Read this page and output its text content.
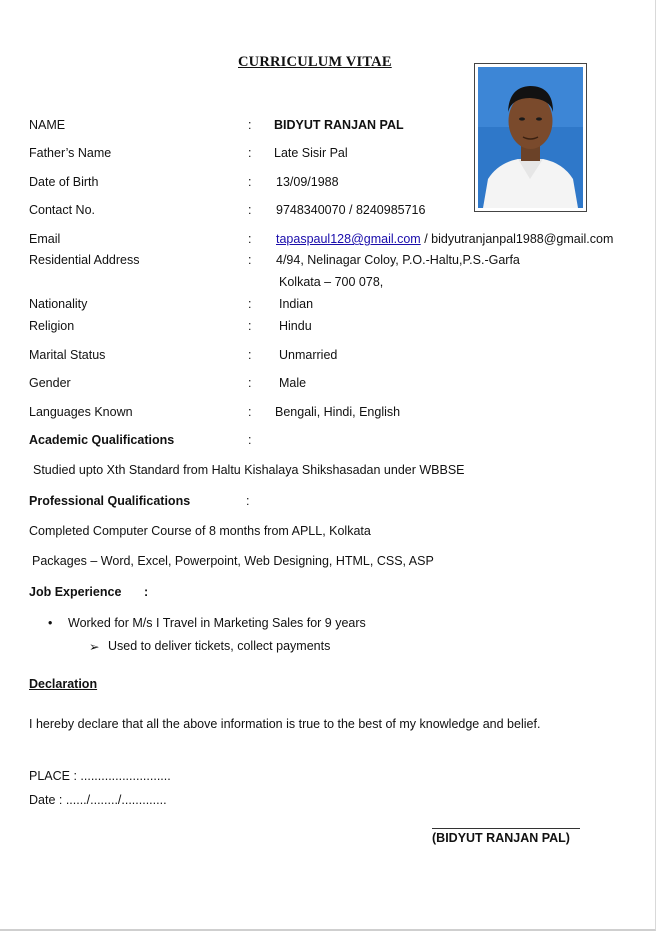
CURRICULUM VITAE
NAME	: BIDYUT RANJAN PAL
Father’s Name	: Late Sisir Pal
Date of Birth	: 13/09/1988
Contact No.	: 9748340070 / 8240985716
Email	: tapaspaul128@gmail.com / bidyutranjanpal1988@gmail.com
Residential Address	: 4/94, Nelinagar Coloy, P.O.-Haltu,P.S.-Garfa
Kolkata – 700 078,
Nationality	: Indian
Religion	: Hindu
Marital Status	: Unmarried
Gender	: Male
Languages Known	: Bengali, Hindi, English
Academic Qualifications	:
Studied upto Xth Standard from Haltu Kishalaya Shikshasadan under WBBSE
Professional Qualifications	:
Completed Computer Course of 8 months from APLL, Kolkata
Packages – Word, Excel, Powerpoint, Web Designing, HTML, CSS, ASP
Job Experience :
• Worked for M/s I Travel in Marketing Sales for 9 years
➢ Used to deliver tickets, collect payments
Declaration
I hereby declare that all the above information is true to the best of my knowledge and belief.
PLACE : ..........................
Date : ....../......../.............
(BIDYUT RANJAN PAL)
